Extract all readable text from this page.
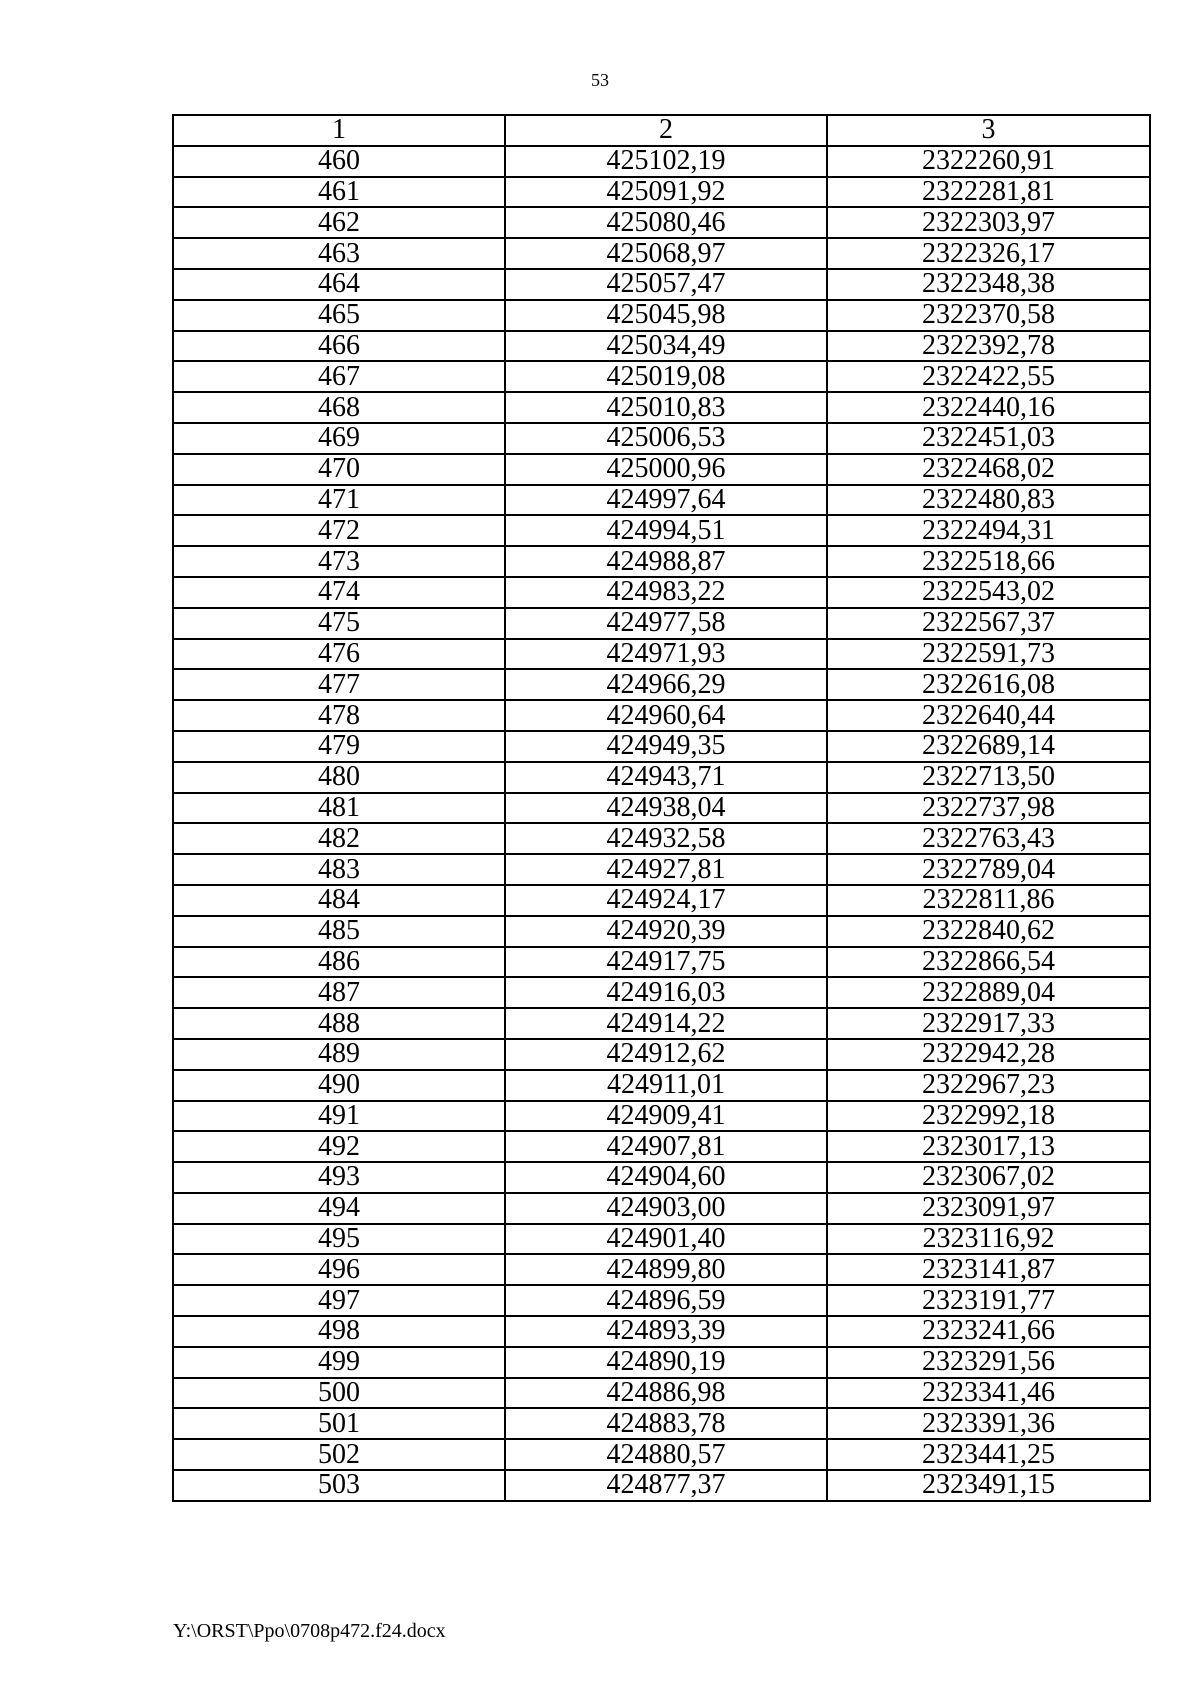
53
1	2	3
460	425102,19	2322260,91
461	425091,92	2322281,81
462	425080,46	2322303,97
463	425068,97	2322326,17
464	425057,47	2322348,38
465	425045,98	2322370,58
466	425034,49	2322392,78
467	425019,08	2322422,55
468	425010,83	2322440,16
469	425006,53	2322451,03
470	425000,96	2322468,02
471	424997,64	2322480,83
472	424994,51	2322494,31
473	424988,87	2322518,66
474	424983,22	2322543,02
475	424977,58	2322567,37
476	424971,93	2322591,73
477	424966,29	2322616,08
478	424960,64	2322640,44
479	424949,35	2322689,14
480	424943,71	2322713,50
481	424938,04	2322737,98
482	424932,58	2322763,43
483	424927,81	2322789,04
484	424924,17	2322811,86
485	424920,39	2322840,62
486	424917,75	2322866,54
487	424916,03	2322889,04
488	424914,22	2322917,33
489	424912,62	2322942,28
490	424911,01	2322967,23
491	424909,41	2322992,18
492	424907,81	2323017,13
493	424904,60	2323067,02
494	424903,00	2323091,97
495	424901,40	2323116,92
496	424899,80	2323141,87
497	424896,59	2323191,77
498	424893,39	2323241,66
499	424890,19	2323291,56
500	424886,98	2323341,46
501	424883,78	2323391,36
502	424880,57	2323441,25
503	424877,37	2323491,15
Y:\ORST\Ppo\0708p472.f24.docx
